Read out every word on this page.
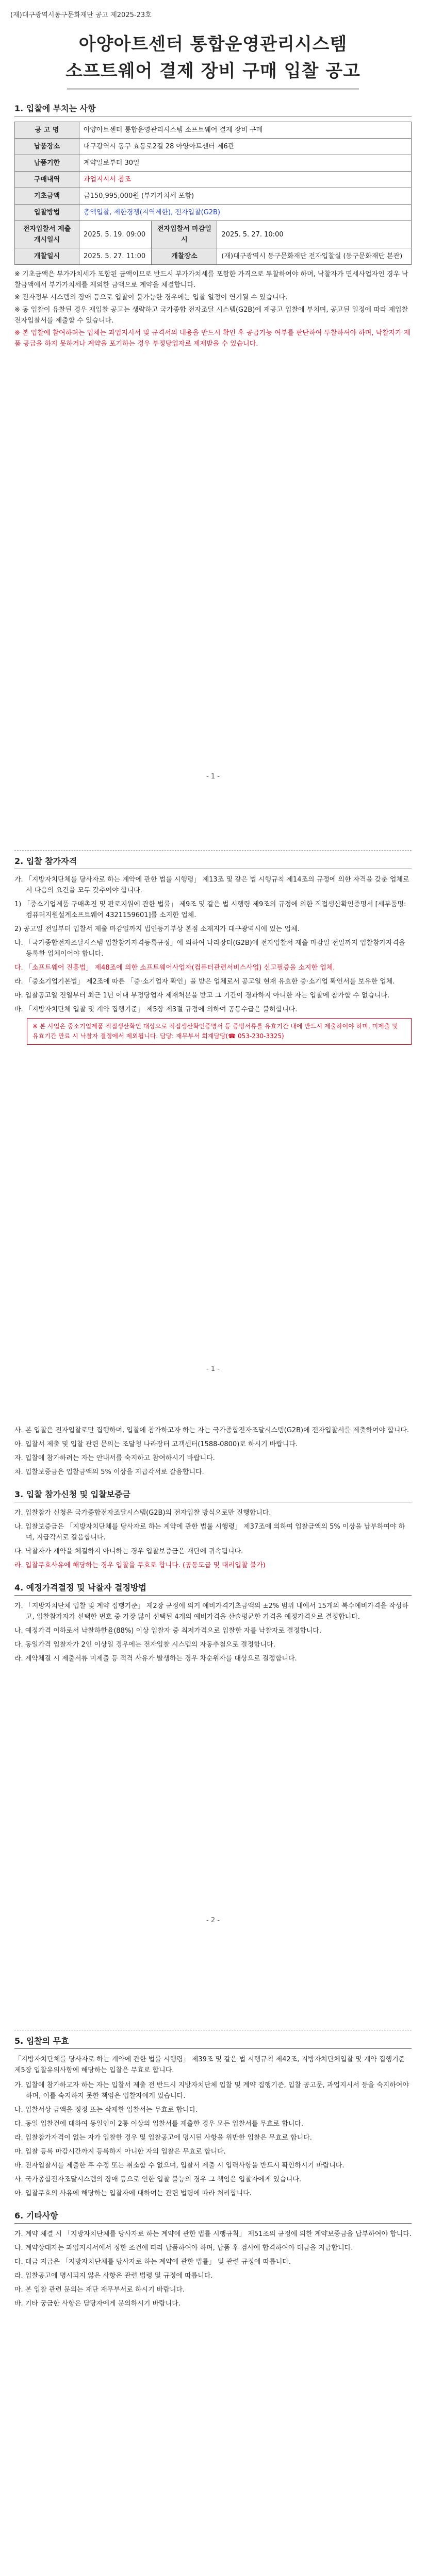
(재)대구광역시동구문화재단 공고 제2025-23호
아양아트센터 통합운영관리시스템
소프트웨어 결제 장비 구매 입찰 공고
1. 입찰에 부치는 사항
공 고 명	아양아트센터 통합운영관리시스템 소프트웨어 결제 장비 구매		
납품장소	대구광역시 동구 효동로2길 28 아양아트센터 제6관		
납품기한	계약일로부터 30일		
구매내역	과업지시서 참조		
기초금액	금150,995,000원 (부가가치세 포함)		
입찰방법	총액입찰, 제한경쟁(지역제한), 전자입찰(G2B)		
전자입찰서 제출 개시일시	2025. 5. 19. 09:00	전자입찰서 마감일시	2025. 5. 27. 10:00
개찰일시	2025. 5. 27. 11:00	개찰장소	(재)대구광역시 동구문화재단 전자입찰실 (동구문화재단 본관)

※ 기초금액은 부가가치세가 포함된 금액이므로 반드시 부가가치세를 포함한 가격으로 투찰하여야 하며, 낙찰자가 면세사업자인 경우 낙찰금액에서 부가가치세를 제외한 금액으로 계약을 체결합니다.

※ 전자정부 시스템의 장애 등으로 입찰이 불가능한 경우에는 입찰 일정이 연기될 수 있습니다.

※ 동 입찰이 유찰된 경우 재입찰 공고는 생략하고 국가종합 전자조달 시스템(G2B)에 재공고 입찰에 부치며, 공고된 일정에 따라 재입찰 전자입찰서를 제출할 수 있습니다.

※ 본 입찰에 참여하려는 업체는 과업지시서 및 규격서의 내용을 반드시 확인 후 공급가능 여부를 판단하여 투찰하셔야 하며, 낙찰자가 제품 공급을 하지 못하거나 계약을 포기하는 경우 부정당업자로 제재받을 수 있습니다.

- 1 -
2. 입찰 참가자격
가. 「지방자치단체를 당사자로 하는 계약에 관한 법률 시행령」 제13조 및 같은 법 시행규칙 제14조의 규정에 의한 자격을 갖춘 업체로서 다음의 요건을 모두 갖추어야 합니다.
1) 「중소기업제품 구매촉진 및 판로지원에 관한 법률」 제9조 및 같은 법 시행령 제9조의 규정에 의한 직접생산확인증명서 [세부품명: 컴퓨터지원설계소프트웨어 4321159601]를 소지한 업체.
2) 공고일 전일부터 입찰서 제출 마감일까지 법인등기부상 본점 소재지가 대구광역시에 있는 업체.
나. 「국가종합전자조달시스템 입찰참가자격등록규정」에 의하여 나라장터(G2B)에 전자입찰서 제출 마감일 전일까지 입찰참가자격을 등록한 업체이어야 합니다.
다. 「소프트웨어 진흥법」 제48조에 의한 소프트웨어사업자(컴퓨터관련서비스사업) 신고필증을 소지한 업체.
라. 「중소기업기본법」 제2조에 따른 「중·소기업자 확인」을 받은 업체로서 공고일 현재 유효한 중·소기업 확인서를 보유한 업체.
마. 입찰공고일 전일부터 최근 1년 이내 부정당업자 제재처분을 받고 그 기간이 경과하지 아니한 자는 입찰에 참가할 수 없습니다.
바. 「지방자치단체 입찰 및 계약 집행기준」 제5장 제3절 규정에 의하여 공동수급은 불허합니다.
※ 본 사업은 중소기업제품 직접생산확인 대상으로 직접생산확인증명서 등 증빙서류를 유효기간 내에 반드시 제출하여야 하며, 미제출 및 유효기간 만료 시 낙찰자 결정에서 제외됩니다. 담당: 재무부서 회계담당(☎ 053-230-3325)
- 1 -
사. 본 입찰은 전자입찰로만 집행하며, 입찰에 참가하고자 하는 자는 국가종합전자조달시스템(G2B)에 전자입찰서를 제출하여야 합니다.
아. 입찰서 제출 및 입찰 관련 문의는 조달청 나라장터 고객센터(1588-0800)로 하시기 바랍니다.
자. 입찰에 참가하려는 자는 안내서를 숙지하고 참여하시기 바랍니다.
차. 입찰보증금은 입찰금액의 5% 이상을 지급각서로 갈음합니다.
3. 입찰 참가신청 및 입찰보증금
가. 입찰참가 신청은 국가종합전자조달시스템(G2B)의 전자입찰 방식으로만 진행합니다.
나. 입찰보증금은 「지방자치단체를 당사자로 하는 계약에 관한 법률 시행령」 제37조에 의하여 입찰금액의 5% 이상을 납부하여야 하며, 지급각서로 갈음합니다.
다. 낙찰자가 계약을 체결하지 아니하는 경우 입찰보증금은 재단에 귀속됩니다.
라. 입찰무효사유에 해당하는 경우 입찰을 무효로 합니다. (공동도급 및 대리입찰 불가)
4. 예정가격결정 및 낙찰자 결정방법
가. 「지방자치단체 입찰 및 계약 집행기준」 제2장 규정에 의거 예비가격기초금액의 ±2% 범위 내에서 15개의 복수예비가격을 작성하고, 입찰참가자가 선택한 번호 중 가장 많이 선택된 4개의 예비가격을 산술평균한 가격을 예정가격으로 결정합니다.
나. 예정가격 이하로서 낙찰하한율(88%) 이상 입찰자 중 최저가격으로 입찰한 자를 낙찰자로 결정합니다.
다. 동일가격 입찰자가 2인 이상일 경우에는 전자입찰 시스템의 자동추첨으로 결정합니다.
라. 계약체결 시 제출서류 미제출 등 적격 사유가 발생하는 경우 차순위자를 대상으로 결정합니다.
- 2 -
5. 입찰의 무효

「지방자치단체를 당사자로 하는 계약에 관한 법률 시행령」 제39조 및 같은 법 시행규칙 제42조, 지방자치단체입찰 및 계약 집행기준 제5장 입찰유의사항에 해당하는 입찰은 무효로 합니다.

가. 입찰에 참가하고자 하는 자는 입찰서 제출 전 반드시 지방자치단체 입찰 및 계약 집행기준, 입찰 공고문, 과업지시서 등을 숙지하여야 하며, 이를 숙지하지 못한 책임은 입찰자에게 있습니다.
나. 입찰서상 금액을 정정 또는 삭제한 입찰서는 무효로 합니다.
다. 동일 입찰건에 대하여 동일인이 2통 이상의 입찰서를 제출한 경우 모든 입찰서를 무효로 합니다.
라. 입찰참가자격이 없는 자가 입찰한 경우 및 입찰공고에 명시된 사항을 위반한 입찰은 무효로 합니다.
마. 입찰 등록 마감시간까지 등록하지 아니한 자의 입찰은 무효로 합니다.
바. 전자입찰서를 제출한 후 수정 또는 취소할 수 없으며, 입찰서 제출 시 입력사항을 반드시 확인하시기 바랍니다.
사. 국가종합전자조달시스템의 장애 등으로 인한 입찰 불능의 경우 그 책임은 입찰자에게 있습니다.
아. 입찰무효의 사유에 해당하는 입찰자에 대하여는 관련 법령에 따라 처리합니다.
6. 기타사항
가. 계약 체결 시 「지방자치단체를 당사자로 하는 계약에 관한 법률 시행규칙」 제51조의 규정에 의한 계약보증금을 납부하여야 합니다.
나. 계약상대자는 과업지시서에서 정한 조건에 따라 납품하여야 하며, 납품 후 검사에 합격하여야 대금을 지급합니다.
다. 대금 지급은 「지방자치단체를 당사자로 하는 계약에 관한 법률」 및 관련 규정에 따릅니다.
라. 입찰공고에 명시되지 않은 사항은 관련 법령 및 규정에 따릅니다.
마. 본 입찰 관련 문의는 재단 재무부서로 하시기 바랍니다.
바. 기타 궁금한 사항은 담당자에게 문의하시기 바랍니다.
